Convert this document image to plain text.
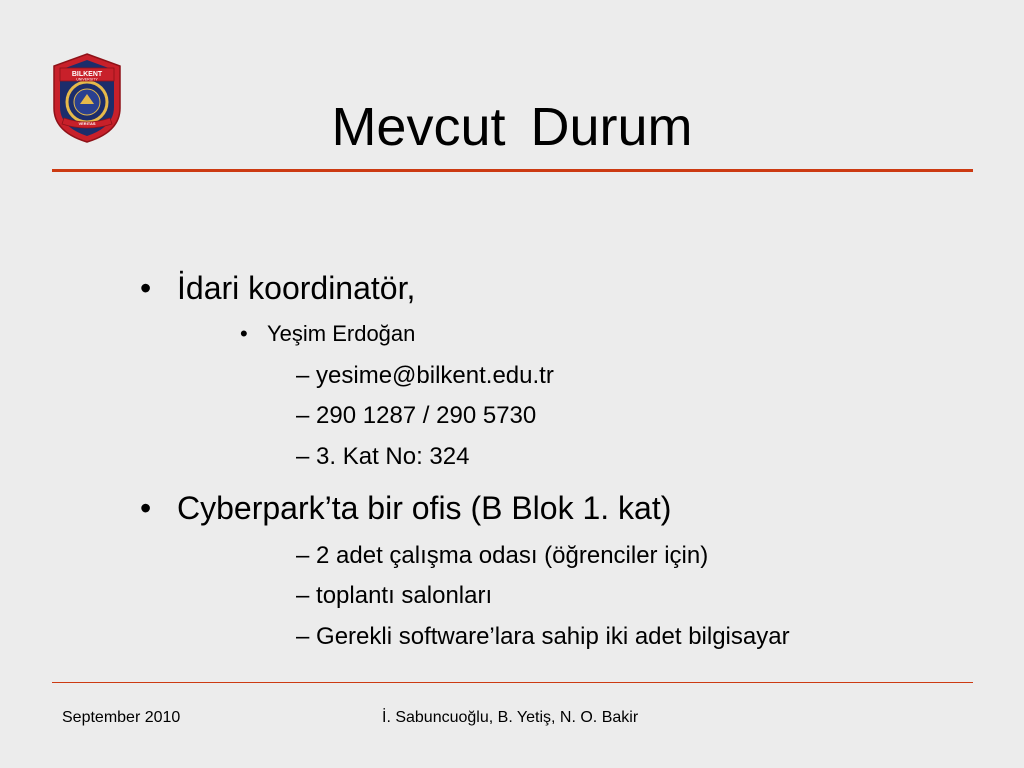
BILKENT
UNIVERSITY
VERITAS	Mevcut Durum
• İdari koordinatör,
• Yeşim Erdoğan
– yesime@bilkent.edu.tr
– 290 1287 / 290 5730
– 3. Kat No: 324
• Cyberpark’ta bir ofis (B Blok 1. kat)
– 2 adet çalışma odası (öğrenciler için)
– toplantı salonları
– Gerekli software’lara sahip iki adet bilgisayar
September 2010	İ. Sabuncuoğlu, B. Yetiş, N. O. Bakir
